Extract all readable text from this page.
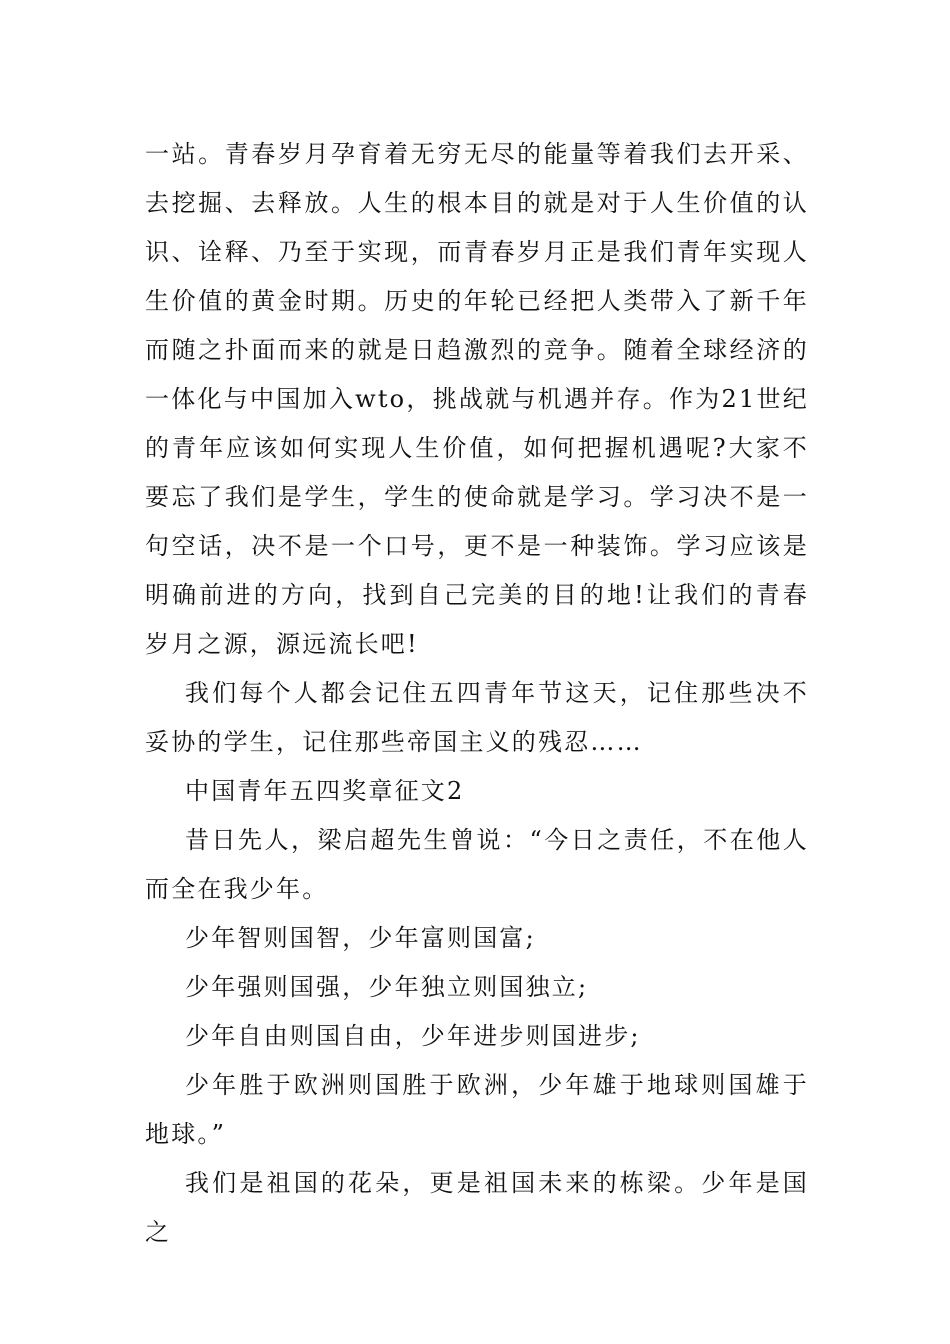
一站。青春岁月孕育着无穷无尽的能量等着我们去开采、去挖掘、去释放。人生的根本目的就是对于人生价值的认识、诠释、乃至于实现，而青春岁月正是我们青年实现人生价值的黄金时期。历史的年轮已经把人类带入了新千年而随之扑面而来的就是日趋激烈的竞争。随着全球经济的一体化与中国加入wto，挑战就与机遇并存。作为21世纪的青年应该如何实现人生价值，如何把握机遇呢?大家不要忘了我们是学生，学生的使命就是学习。学习决不是一句空话，决不是一个口号，更不是一种装饰。学习应该是明确前进的方向，找到自己完美的目的地!让我们的青春岁月之源，源远流长吧!

我们每个人都会记住五四青年节这天，记住那些决不妥协的学生，记住那些帝国主义的残忍……

中国青年五四奖章征文2

昔日先人，梁启超先生曾说：“今日之责任，不在他人而全在我少年。

少年智则国智，少年富则国富;

少年强则国强，少年独立则国独立;

少年自由则国自由，少年进步则国进步;

少年胜于欧洲则国胜于欧洲，少年雄于地球则国雄于地球。”

我们是祖国的花朵，更是祖国未来的栋梁。少年是国之
